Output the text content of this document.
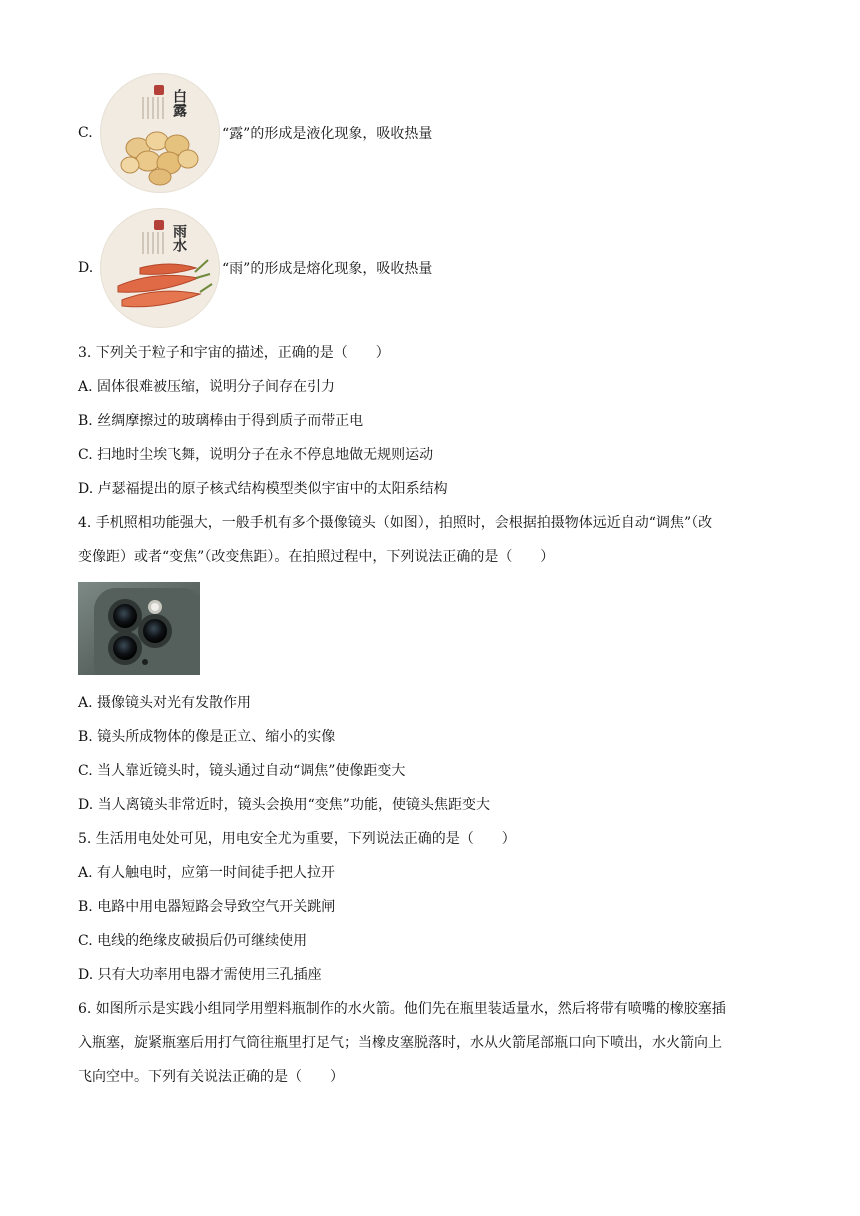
C.
白露
“露”的形成是液化现象，吸收热量
D.
雨水
“雨”的形成是熔化现象，吸收热量
3. 下列关于粒子和宇宙的描述，正确的是（　　）
A. 固体很难被压缩，说明分子间存在引力
B. 丝绸摩擦过的玻璃棒由于得到质子而带正电
C. 扫地时尘埃飞舞，说明分子在永不停息地做无规则运动
D. 卢瑟福提出的原子核式结构模型类似宇宙中的太阳系结构
4. 手机照相功能强大，一般手机有多个摄像镜头（如图），拍照时，会根据拍摄物体远近自动“调焦”（改
变像距）或者“变焦”（改变焦距）。在拍照过程中，下列说法正确的是（　　）
A. 摄像镜头对光有发散作用
B. 镜头所成物体的像是正立、缩小的实像
C. 当人靠近镜头时，镜头通过自动“调焦”使像距变大
D. 当人离镜头非常近时，镜头会换用“变焦”功能，使镜头焦距变大
5. 生活用电处处可见，用电安全尤为重要，下列说法正确的是（　　）
A. 有人触电时，应第一时间徒手把人拉开
B. 电路中用电器短路会导致空气开关跳闸
C. 电线的绝缘皮破损后仍可继续使用
D. 只有大功率用电器才需使用三孔插座
6. 如图所示是实践小组同学用塑料瓶制作的水火箭。他们先在瓶里装适量水，然后将带有喷嘴的橡胶塞插
入瓶塞，旋紧瓶塞后用打气筒往瓶里打足气；当橡皮塞脱落时，水从火箭尾部瓶口向下喷出，水火箭向上
飞向空中。下列有关说法正确的是（　　）
